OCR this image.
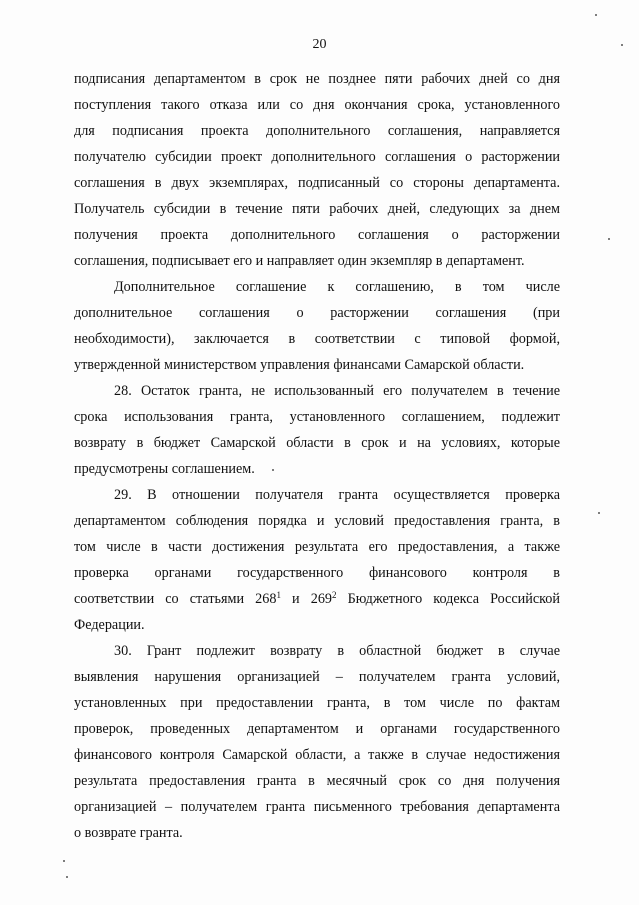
20
подписания департаментом в срок не позднее пяти рабочих дней со дня
поступления такого отказа или со дня окончания срока, установленного
для подписания проекта дополнительного соглашения, направляется
получателю субсидии проект дополнительного соглашения о расторжении
соглашения в двух экземплярах, подписанный со стороны департамента.
Получатель субсидии в течение пяти рабочих дней, следующих за днем
получения проекта дополнительного соглашения о расторжении
соглашения, подписывает его и направляет один экземпляр в департамент.
Дополнительное соглашение к соглашению, в том числе
дополнительное соглашения о расторжении соглашения (при
необходимости), заключается в соответствии с типовой формой,
утвержденной министерством управления финансами Самарской области.
28. Остаток гранта, не использованный его получателем в течение
срока использования гранта, установленного соглашением, подлежит
возврату в бюджет Самарской области в срок и на условиях, которые
предусмотрены соглашением.
29. В отношении получателя гранта осуществляется проверка
департаментом соблюдения порядка и условий предоставления гранта, в
том числе в части достижения результата его предоставления, а также
проверка органами государственного финансового контроля в
соответствии со статьями $268^1$ и $269^2$ Бюджетного кодекса Российской
Федерации.
30. Грант подлежит возврату в областной бюджет в случае
выявления нарушения организацией – получателем гранта условий,
установленных при предоставлении гранта, в том числе по фактам
проверок, проведенных департаментом и органами государственного
финансового контроля Самарской области, а также в случае недостижения
результата предоставления гранта в месячный срок со дня получения
организацией – получателем гранта письменного требования департамента
о возврате гранта.
